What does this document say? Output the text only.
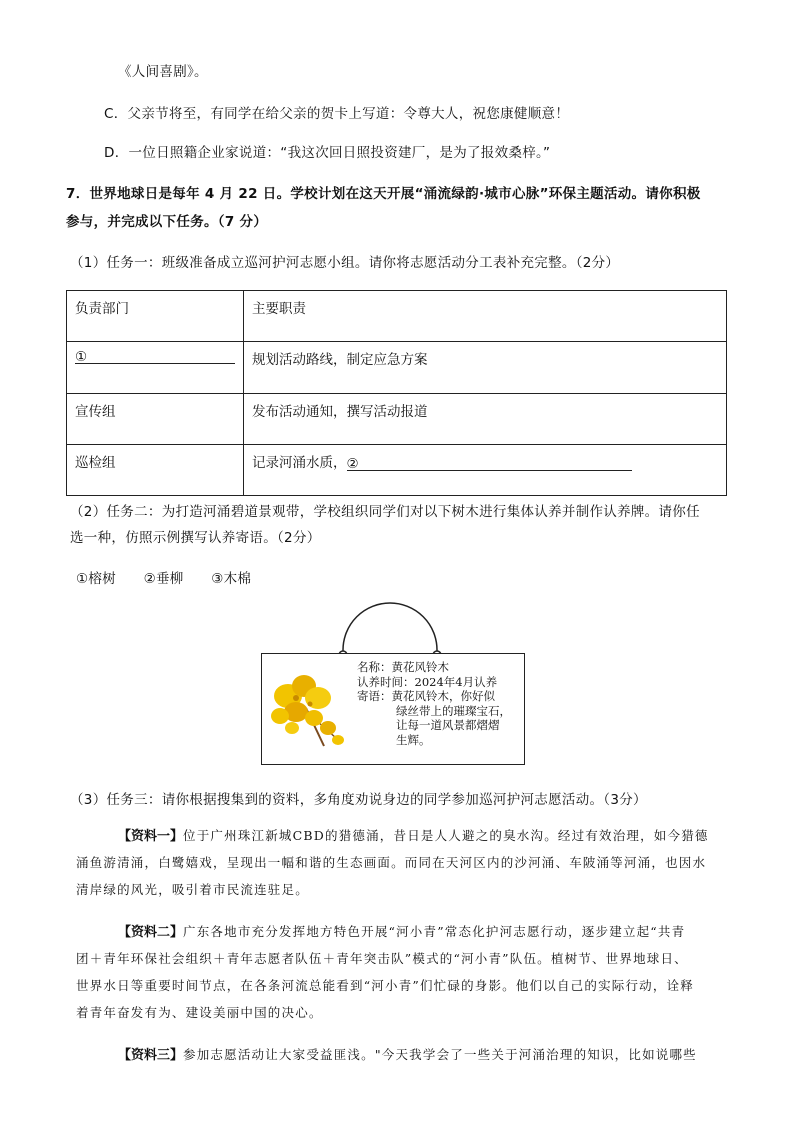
《人间喜剧》。
C．父亲节将至，有同学在给父亲的贺卡上写道：令尊大人，祝您康健顺意！
D．一位日照籍企业家说道：“我这次回日照投资建厂，是为了报效桑梓。”
7．世界地球日是每年 4 月 22 日。学校计划在这天开展“涌流绿韵·城市心脉”环保主题活动。请你积极
参与，并完成以下任务。（7 分）
（1）任务一：班级准备成立巡河护河志愿小组。请你将志愿活动分工表补充完整。（2分）
负责部门	主要职责
①	规划活动路线，制定应急方案
宣传组	发布活动通知，撰写活动报道
巡检组	记录河涌水质，②
（2）任务二：为打造河涌碧道景观带，学校组织同学们对以下树木进行集体认养并制作认养牌。请你任
选一种，仿照示例撰写认养寄语。（2分）
①榕树　　②垂柳　　③木棉
名称：黄花风铃木
认养时间：2024年4月认养
寄语：黄花风铃木，你好似
绿丝带上的璀璨宝石，
让每一道风景都熠熠
生辉。
（3）任务三：请你根据搜集到的资料，多角度劝说身边的同学参加巡河护河志愿活动。（3分）
【资料一】位于广州珠江新城CBD的猎德涌，昔日是人人避之的臭水沟。经过有效治理，如今猎德
涌鱼游清涌，白鹭嬉戏，呈现出一幅和谐的生态画面。而同在天河区内的沙河涌、车陂涌等河涌，也因水
清岸绿的风光，吸引着市民流连驻足。
【资料二】广东各地市充分发挥地方特色开展“河小青”常态化护河志愿行动，逐步建立起“共青
团＋青年环保社会组织＋青年志愿者队伍＋青年突击队”模式的“河小青”队伍。植树节、世界地球日、
世界水日等重要时间节点，在各条河流总能看到“河小青”们忙碌的身影。他们以自己的实际行动，诠释
着青年奋发有为、建设美丽中国的决心。
【资料三】参加志愿活动让大家受益匪浅。"今天我学会了一些关于河涌治理的知识，比如说哪些
